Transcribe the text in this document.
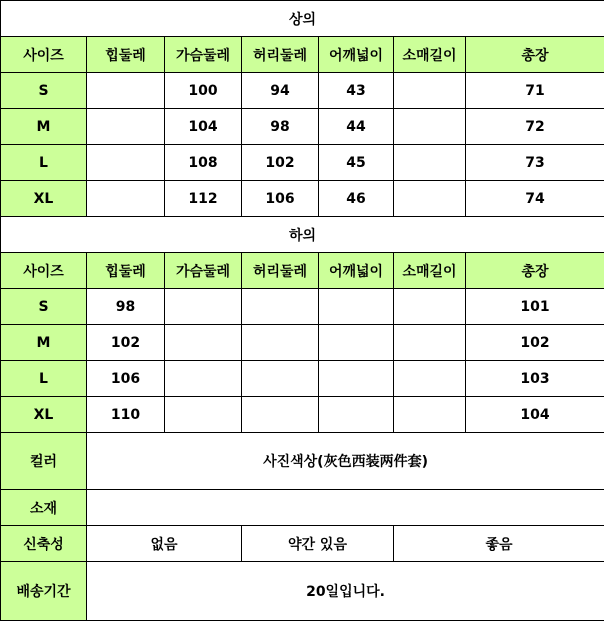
상의						
사이즈	힙둘레	가슴둘레	허리둘레	어깨넓이	소매길이	총장
S		100	94	43		71
M		104	98	44		72
L		108	102	45		73
XL		112	106	46		74
하의						
사이즈	힙둘레	가슴둘레	허리둘레	어깨넓이	소매길이	총장
S	98					101
M	102					102
L	106					103
XL	110					104
컬러	사진색상(灰色西装两件套)					
소재						
신축성	없음		약간 있음		좋음	
배송기간	20일입니다.					
